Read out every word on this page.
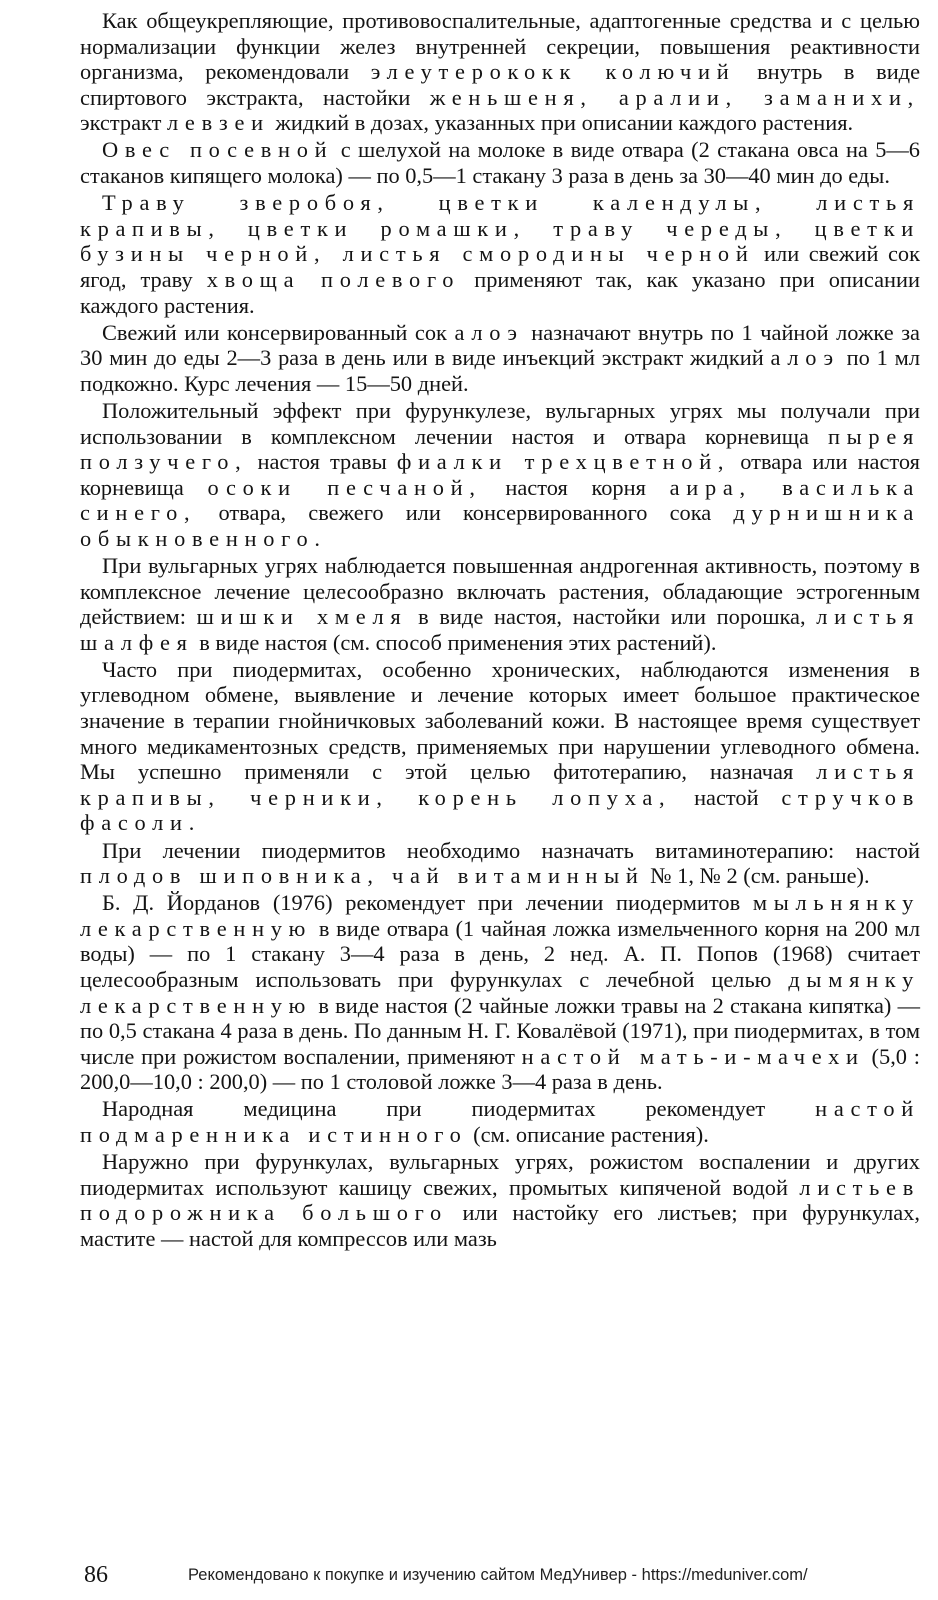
Как общеукрепляющие, противовоспалительные, адаптогенные средства и с целью нормализации функции желез внутренней секреции, повышения реактивности организма, рекомендовали элеутерококк колючий внутрь в виде спиртового экстракта, настойки женьшеня, аралии, заманихи, экстракт левзеи жидкий в дозах, указанных при описании каждого растения.

Овес посевной с шелухой на молоке в виде отвара (2 стакана овса на 5—6 стаканов кипящего молока) — по 0,5—1 стакану 3 раза в день за 30—40 мин до еды.

Траву зверобоя, цветки календулы, листья крапивы, цветки ромашки, траву череды, цветки бузины черной, листья смородины черной или свежий сок ягод, траву хвоща полевого применяют так, как указано при описании каждого растения.

Свежий или консервированный сок алоэ назначают внутрь по 1 чайной ложке за 30 мин до еды 2—3 раза в день или в виде инъекций экстракт жидкий алоэ по 1 мл подкожно. Курс лечения — 15—50 дней.

Положительный эффект при фурункулезе, вульгарных угрях мы получали при использовании в комплексном лечении настоя и отвара корневища пырея ползучего, настоя травы фиалки трехцветной, отвара или настоя корневища осоки песчаной, настоя корня аира, василька синего, отвара, свежего или консервированного сока дурнишника обыкновенного.

При вульгарных угрях наблюдается повышенная андрогенная активность, поэтому в комплексное лечение целесообразно включать растения, обладающие эстрогенным действием: шишки хмеля в виде настоя, настойки или порошка, листья шалфея в виде настоя (см. способ применения этих растений).

Часто при пиодермитах, особенно хронических, наблюдаются изменения в углеводном обмене, выявление и лечение которых имеет большое практическое значение в терапии гнойничковых заболеваний кожи. В настоящее время существует много медикаментозных средств, применяемых при нарушении углеводного обмена. Мы успешно применяли с этой целью фитотерапию, назначая листья крапивы, черники, корень лопуха, настой стручков фасоли.

При лечении пиодермитов необходимо назначать витаминотерапию: настой плодов шиповника, чай витаминный № 1, № 2 (см. раньше).

Б. Д. Йорданов (1976) рекомендует при лечении пиодермитов мыльнянку лекарственную в виде отвара (1 чайная ложка измельченного корня на 200 мл воды) — по 1 стакану 3—4 раза в день, 2 нед. А. П. Попов (1968) считает целесообразным использовать при фурункулах с лечебной целью дымянку лекарственную в виде настоя (2 чайные ложки травы на 2 стакана кипятка) — по 0,5 стакана 4 раза в день. По данным Н. Г. Ковалёвой (1971), при пиодермитах, в том числе при рожистом воспалении, применяют настой мать-и-мачехи (5,0 : 200,0—10,0 : 200,0) — по 1 столовой ложке 3—4 раза в день.

Народная медицина при пиодермитах рекомендует настой подмаренника истинного (см. описание растения).

Наружно при фурункулах, вульгарных угрях, рожистом воспалении и других пиодермитах используют кашицу свежих, промытых кипяченой водой листьев подорожника большого или настойку его листьев; при фурункулах, мастите — настой для компрессов или мазь

86	Рекомендовано к покупке и изучению сайтом МедУнивер - https://meduniver.com/
